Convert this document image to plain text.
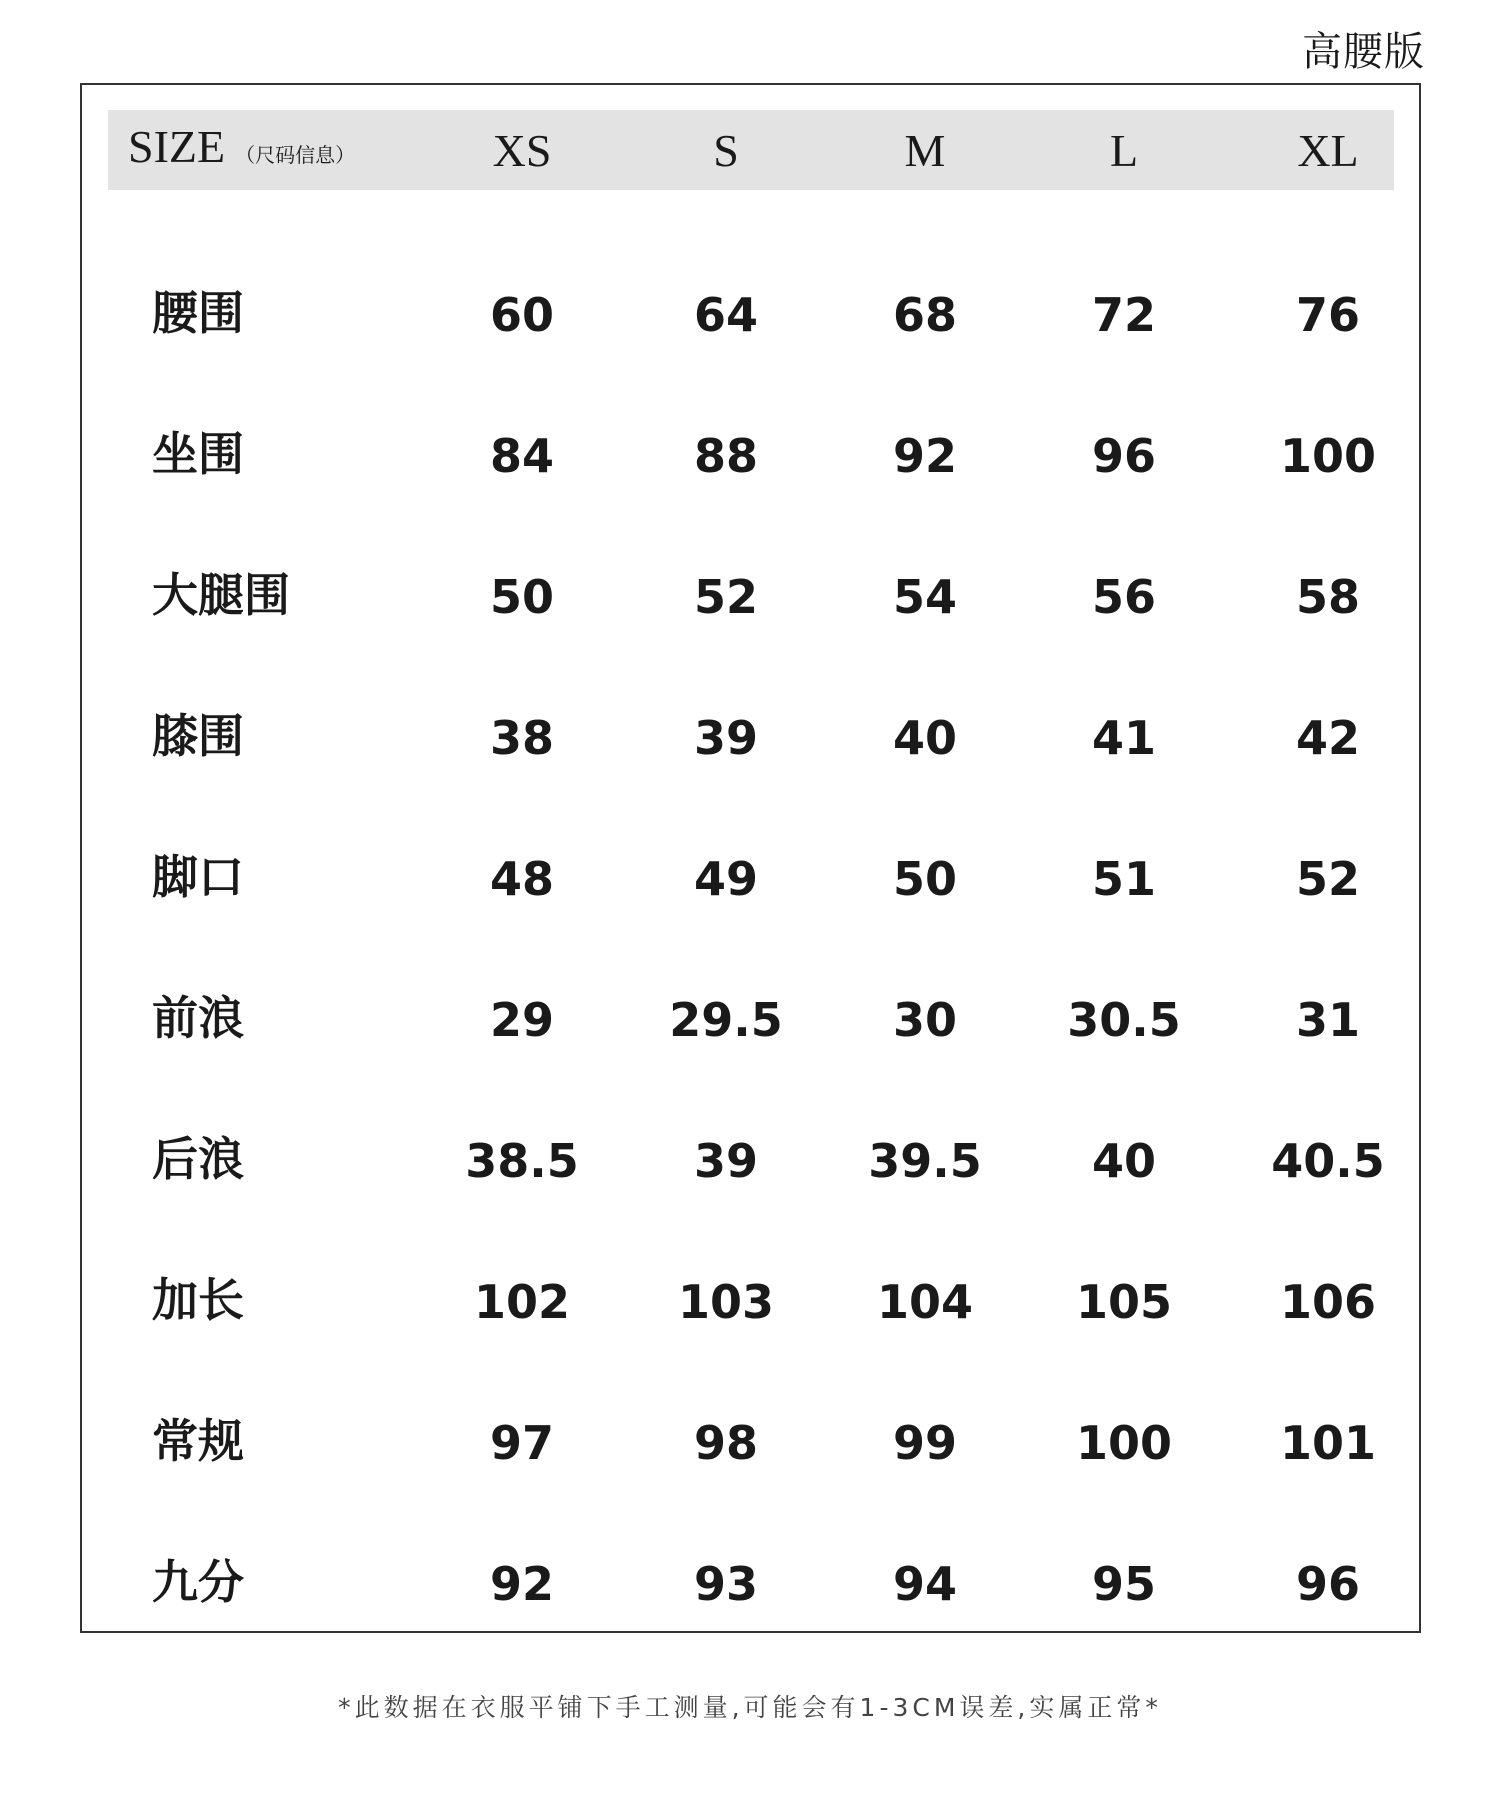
高腰版
SIZE （尺码信息）	XS	S	M	L	XL
腰围	60	64	68	72	76
坐围	84	88	92	96	100
大腿围	50	52	54	56	58
膝围	38	39	40	41	42
脚口	48	49	50	51	52
前浪	29	29.5	30	30.5	31
后浪	38.5	39	39.5	40	40.5
加长	102	103	104	105	106
常规	97	98	99	100	101
九分	92	93	94	95	96
*此数据在衣服平铺下手工测量,可能会有1-3CM误差,实属正常*
